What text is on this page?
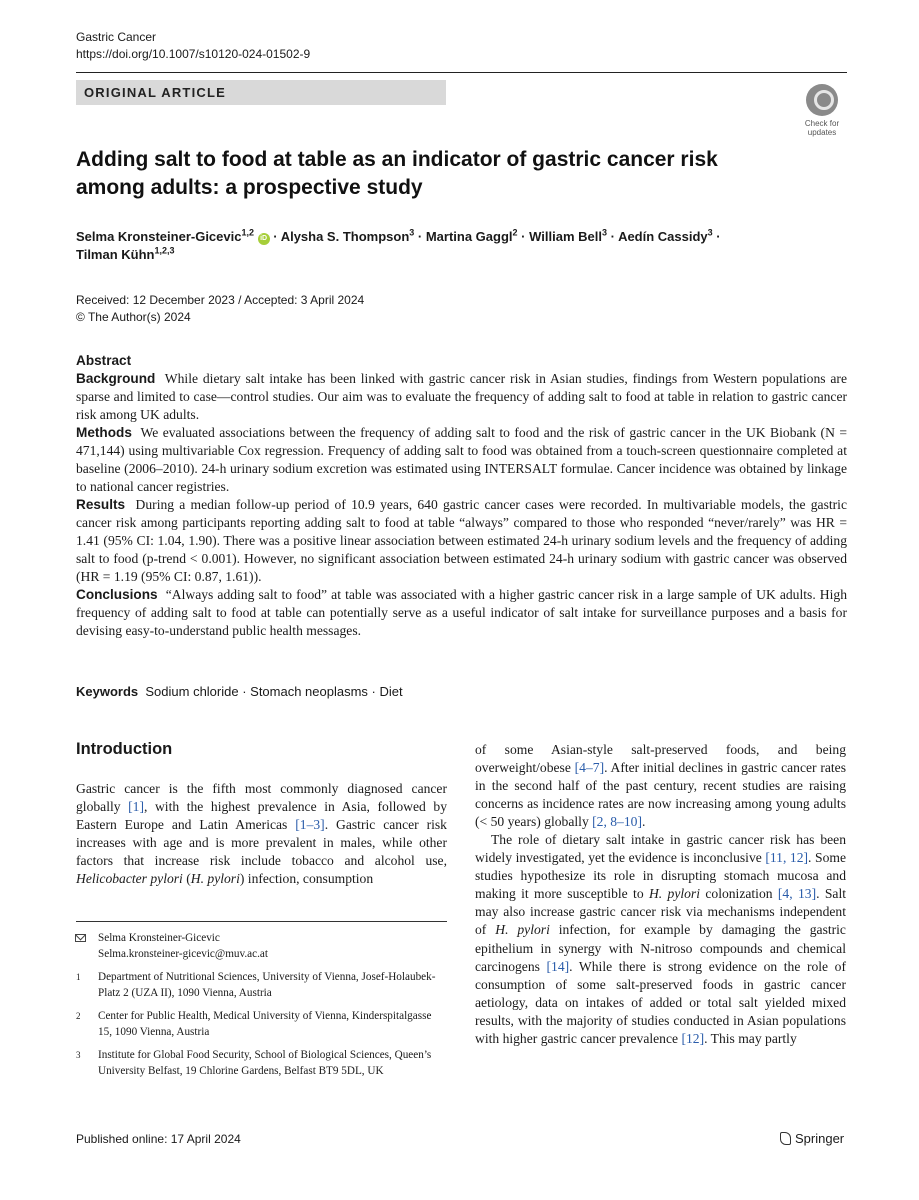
Gastric Cancer
https://doi.org/10.1007/s10120-024-01502-9
ORIGINAL ARTICLE
Check for
updates
Adding salt to food at table as an indicator of gastric cancer risk among adults: a prospective study
Selma Kronsteiner-Gicevic$^{1,2}$ iD · Alysha S. Thompson$^3$ · Martina Gaggl$^2$ · William Bell$^3$ · Aedín Cassidy$^3$ ·
Tilman Kühn$^{1,2,3}$
Received: 12 December 2023 / Accepted: 3 April 2024
© The Author(s) 2024
Abstract

Background While dietary salt intake has been linked with gastric cancer risk in Asian studies, findings from Western populations are sparse and limited to case—control studies. Our aim was to evaluate the frequency of adding salt to food at table in relation to gastric cancer risk among UK adults.

Methods We evaluated associations between the frequency of adding salt to food and the risk of gastric cancer in the UK Biobank (N = 471,144) using multivariable Cox regression. Frequency of adding salt to food was obtained from a touch-screen questionnaire completed at baseline (2006–2010). 24-h urinary sodium excretion was estimated using INTERSALT formulae. Cancer incidence was obtained by linkage to national cancer registries.

Results During a median follow-up period of 10.9 years, 640 gastric cancer cases were recorded. In multivariable models, the gastric cancer risk among participants reporting adding salt to food at table “always” compared to those who responded “never/rarely” was HR = 1.41 (95% CI: 1.04, 1.90). There was a positive linear association between estimated 24-h urinary sodium levels and the frequency of adding salt to food (p-trend < 0.001). However, no significant association between estimated 24-h urinary sodium with gastric cancer was observed (HR = 1.19 (95% CI: 0.87, 1.61)).

Conclusions “Always adding salt to food” at table was associated with a higher gastric cancer risk in a large sample of UK adults. High frequency of adding salt to food at table can potentially serve as a useful indicator of salt intake for surveillance purposes and a basis for devising easy-to-understand public health messages.

Keywords Sodium chloride · Stomach neoplasms · Diet
Introduction

Gastric cancer is the fifth most commonly diagnosed cancer globally [1], with the highest prevalence in Asia, followed by Eastern Europe and Latin Americas [1–3]. Gastric cancer risk increases with age and is more prevalent in males, while other factors that increase risk include tobacco and alcohol use, Helicobacter pylori (H. pylori) infection, consumption

of some Asian-style salt-preserved foods, and being overweight/obese [4–7]. After initial declines in gastric cancer rates in the second half of the past century, recent studies are raising concerns as incidence rates are now increasing among young adults (< 50 years) globally [2, 8–10].

The role of dietary salt intake in gastric cancer risk has been widely investigated, yet the evidence is inconclusive [11, 12]. Some studies hypothesize its role in disrupting stomach mucosa and making it more susceptible to H. pylori colonization [4, 13]. Salt may also increase gastric cancer risk via mechanisms independent of H. pylori infection, for example by damaging the gastric epithelium in synergy with N-nitroso compounds and chemical carcinogens [14]. While there is strong evidence on the role of consumption of some salt-preserved foods in gastric cancer aetiology, data on intakes of added or total salt yielded mixed results, with the majority of studies conducted in Asian populations with higher gastric cancer prevalence [12]. This may partly

Selma Kronsteiner-Gicevic
Selma.kronsteiner-gicevic@muv.ac.at
1 Department of Nutritional Sciences, University of Vienna, Josef-Holaubek-Platz 2 (UZA II), 1090 Vienna, Austria
2 Center for Public Health, Medical University of Vienna, Kinderspitalgasse 15, 1090 Vienna, Austria
3 Institute for Global Food Security, School of Biological Sciences, Queen’s University Belfast, 19 Chlorine Gardens, Belfast BT9 5DL, UK
Published online: 17 April 2024	Springer
